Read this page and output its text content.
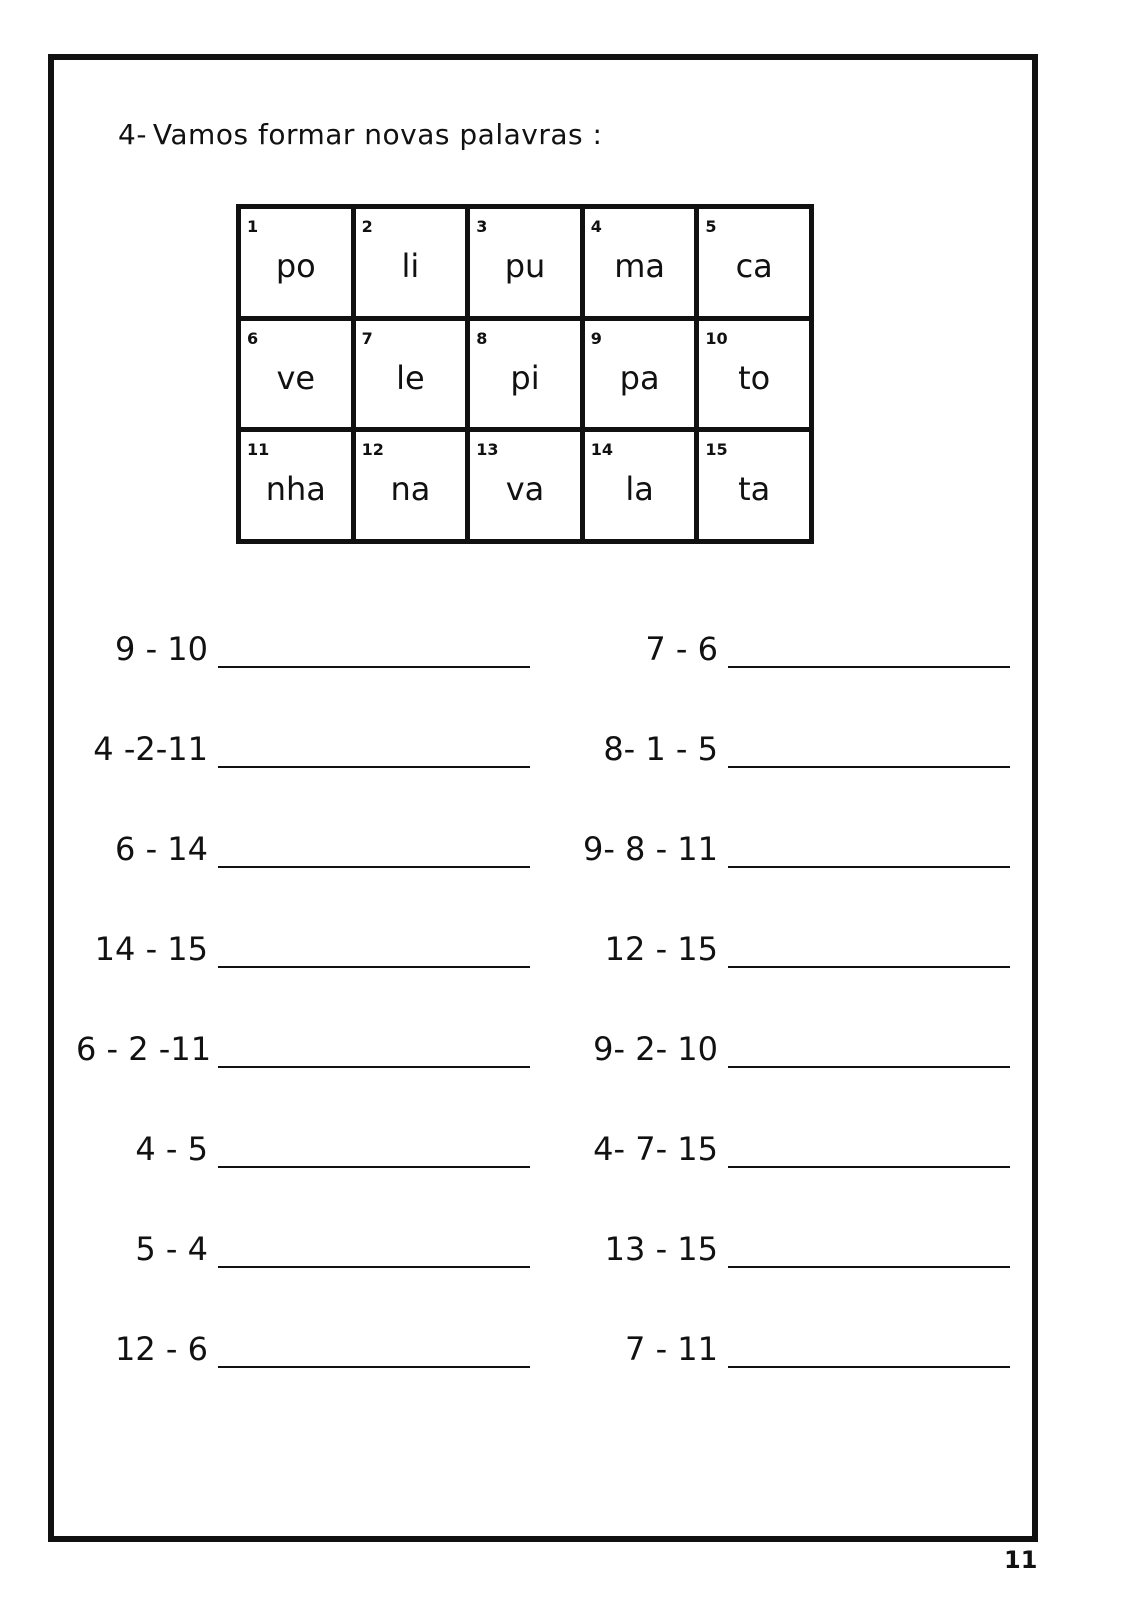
4- Vamos formar novas palavras :
1
po
2
li
3
pu
4
ma
5
ca
6
ve
7
le
8
pi
9
pa
10
to
11
nha
12
na
13
va
14
la
15
ta
9 - 10
4 -2-11
6 - 14
14 - 15
6 - 2 -11
4 - 5
5 - 4
12 - 6
7 - 6
8- 1 - 5
9- 8 - 11
12 - 15
9- 2- 10
4- 7- 15
13 - 15
7 - 11
11
